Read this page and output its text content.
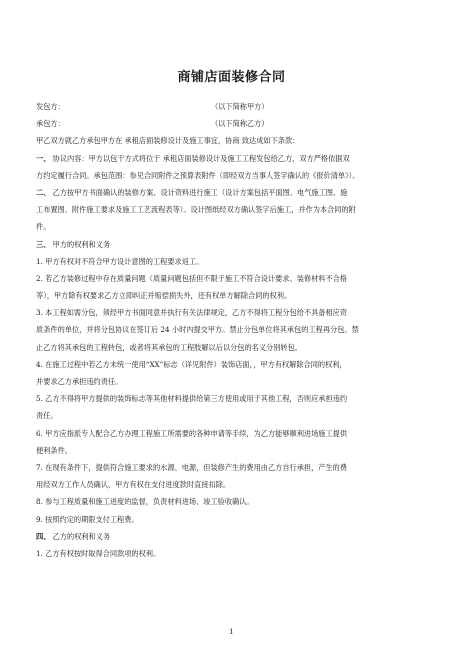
商铺店面装修合同
发包方：	（以下简称甲方）
承包方：	（以下简称乙方）
甲乙双方就乙方承包甲方在 承租店面装修设计及施工事宜，协商 致达成如下条款：
一、 协议内容：甲方以包干方式将位于 承租店面装修设计及施工工程发包给乙方，双方严格依据双
方约定履行合同。承包范围：参见合同附件之预算表附件（即经双方当事人签字确认的《报价清单》）。
二、 乙方按甲方书面确认的装修方案、设计资料进行施工（设计方案包括平面图、电气施工图、施
工布置图、附件施工要求及施工工艺流程表等）。设计图纸经双方确认签字后施工，并作为本合同的附
件。
三、 甲方的权利和义务
1. 甲方有权对不符合甲方设计意图的工程要求返工。
2. 若乙方装修过程中存在质量问题（质量问题包括但不限于施工不符合设计要求、装修材料不合格
等），甲方除有权要求乙方立即纠正并赔偿损失外，还有权单方解除合同的权利。
3. 本工程如需分包，须经甲方书面同意并执行有关法律规定，乙方不得将工程分包给不具备相应资
质条件的单位，并将分包协议在签订后 24 小时内提交甲方。禁止分包单位将其承包的工程再分包。禁
止乙方将其承包的工程转包，或者将其承包的工程肢解以后以分包的名义分别转包。
4. 在施工过程中若乙方未统一使用“XX”标志（详见附件）装饰店面，，甲方有权解除合同的权利，
并要求乙方承担违约责任。
5. 乙方不得将甲方提供的装饰标志等其他材料提供给第三方使用或用于其他工程，否则应承担违约
责任。
6. 甲方应指派专人配合乙方办理工程施工所需要的各种申请等手续，为乙方能够顺利进场施工提供
便利条件。
7. 在现有条件下，提供符合施工要求的水源、电源，但装修产生的费用由乙方自行承担，产生的费
用经双方工作人员确认，甲方有权在支付进度款时直接扣除。
8. 参与工程质量和施工进度的监督，负责材料进场、竣工验收确认。
9. 按照约定的期限支付工程费。
四、 乙方的权利和义务
1. 乙方有权按时取得合同款项的权利。
1
